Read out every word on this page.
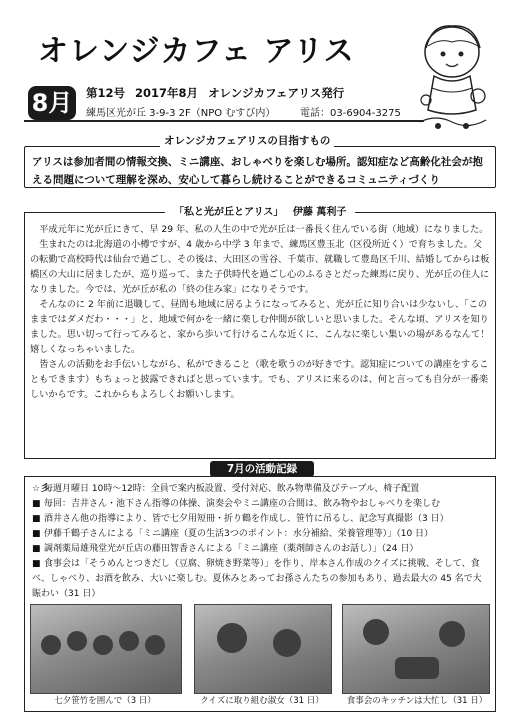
オレンジカフェ アリス
8月	第12号 2017年8月 オレンジカフェアリス発行
練馬区光が丘 3-9-3 2F（NPO むすび内） 電話：03-6904-3275
オレンジカフェアリスの目指すもの
アリスは参加者間の情報交換、ミニ講座、おしゃべりを楽しむ場所。認知症など高齢化社会が抱える問題について理解を深め、安心して暮らし続けることができるコミュニティづくり
「私と光が丘とアリス」 伊藤 萬利子

平成元年に光が丘にきて、早 29 年、私の人生の中で光が丘は一番長く住んでいる街（地域）になりました。

生まれたのは北海道の小樽ですが、4 歳から中学 3 年まで、練馬区豊玉北（区役所近く）で育ちました。父の転勤で高校時代は仙台で過ごし、その後は、大田区の雪谷、千葉市、就職して豊島区千川、結婚してからは板橋区の大山に居ましたが、巡り巡って、また子供時代を過ごし心のふるさとだった練馬に戻り、光が丘の住人になりました。今では、光が丘が私の「終の住み家」になりそうです。

そんなのに 2 年前に退職して、昼間も地域に居るようになってみると、光が丘に知り合いは少ないし、「このままではダメだわ・・・」と、地域で何かを一緒に楽しむ仲間が欲しいと思いました。そんな頃、アリスを知りました。思い切って行ってみると、家から歩いて行けるこんな近くに、こんなに楽しい集いの場があるなんて！嬉しくなっちゃいました。

皆さんの活動をお手伝いしながら、私ができること（歌を歌うのが好きです。認知症についての講座をすることもできます）もちょっと披露できればと思っています。でも、アリスに来るのは、何と言っても自分が一番楽しいからです。これからもよろしくお願いします。

7月の活動記録
☆彡毎週月曜日 10時～12時：全員で案内板設置、受付対応、飲み物準備及びテーブル、椅子配置
■ 毎回：吉井さん・池下さん指導の体操、演奏会やミニ講座の合間は、飲み物やおしゃべりを楽しむ
■ 酒井さん他の指導により、皆で七夕用短冊・折り鶴を作成し、笹竹に吊るし、記念写真撮影（3 日）
■ 伊藤千鶴子さんによる「ミニ講座（夏の生活3つのポイント：水分補給、栄養管理等）」（10 日）
■ 調剤薬局雄飛堂光が丘店の藤田智香さんによる「ミニ講座（薬剤師さんのお話し）」（24 日）
■ 食事会は「そうめんとつきだし（豆腐、卵焼き野菜等）」を作り、岸本さん作成のクイズに挑戦、そして、食べ、しゃべり、お酒を飲み、大いに楽しむ。夏休みとあってお孫さんたちの参加もあり、過去最大の 45 名で大賑わい（31 日）
七夕笹竹を囲んで（3 日）	クイズに取り組む淑女（31 日）	食事会のキッチンは大忙し（31 日）
